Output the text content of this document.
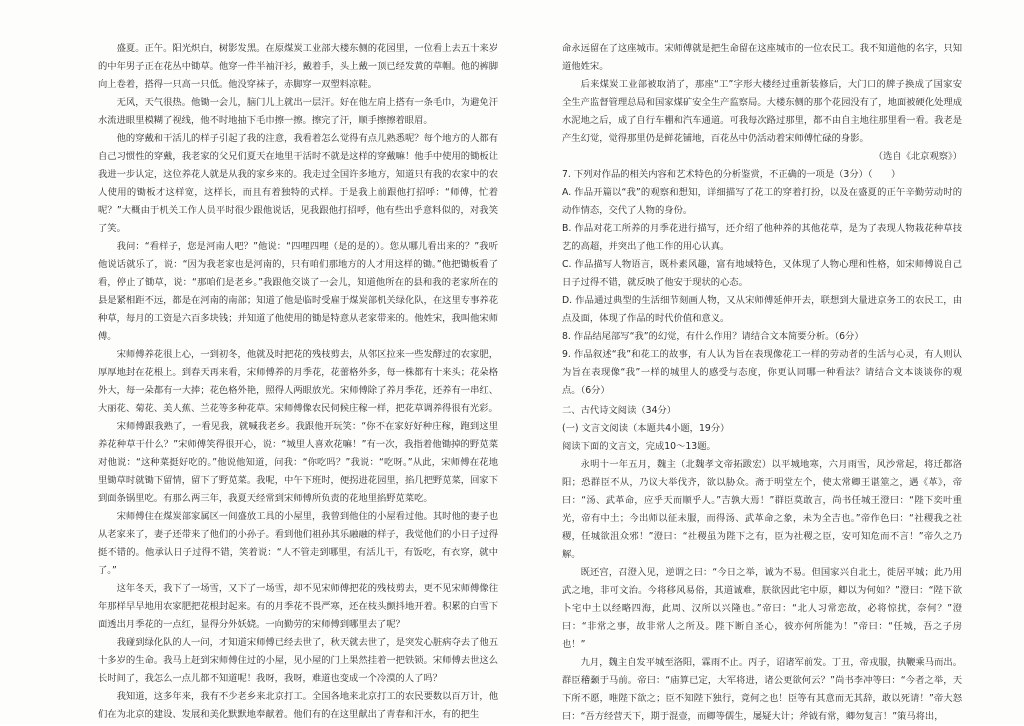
盛夏。正午。阳光炽白，树影发黑。在原煤炭工业部大楼东侧的花园里，一位看上去五十来岁的中年男子正在花丛中锄草。他穿一件半袖汗衫，戴着手，头上戴一顶已经发黄的草帽。他的裤脚向上卷着，搭得一只高一只低。他没穿袜子，赤脚穿一双塑料凉鞋。

无风，天气很热。他锄一会儿，脑门儿上就出一层汗。好在他左肩上搭有一条毛巾，为避免汗水流进眼里模糊了视线，他不时地抽下毛巾擦一擦。擦完了汗，顺手擦擦着眼眉。

他的穿戴和干活儿的样子引起了我的注意，我看着怎么觉得有点儿熟悉呢？每个地方的人都有自己习惯性的穿戴，我老家的父兄们夏天在地里干活时不就是这样的穿戴嘛！他手中使用的锄板让我进一步认定，这位养花人就是从我的家乡来的。我走过全国许多地方，知道只有我的农家中的农人使用的锄板才这样宽，这样长，而且有着独特的式样。于是我上前跟他打招呼：“师傅，忙着呢？”大概由于机关工作人员平时很少跟他说话，见我跟他打招呼，他有些出乎意料似的，对我笑了笑。

我问：“看样子，您是河南人吧？”他说：“四哩四哩（是的是的）。您从哪儿看出来的？”我听他说话就乐了，说：“因为我老家也是河南的，只有咱们那地方的人才用这样的锄。”他把锄板看了看，停止了锄草，说：“那咱们是老乡。”我跟他交谈了一会儿，知道他所在的县和我的老家所在的县是紧相距不远，都是在河南的南部；知道了他是临时受雇于煤炭部机关绿化队，在这里专事养花种草，每月的工资是六百多块钱；并知道了他使用的锄是特意从老家带来的。他姓宋，我叫他宋师傅。

宋师傅养花很上心，一到初冬，他就及时把花的残枝剪去，从邻区拉来一些发酵过的农家肥，厚厚地封在花根上。到春天再来看，宋师傅养的月季花，花蕾格外多，每一株都有十来头；花朵格外大，每一朵都有一大捧；花色格外艳，照得人两眼放光。宋师傅除了养月季花，还养有一串红、大丽花、菊花、美人蕉、兰花等多种花草。宋师傅像农民伺候庄稼一样，把花草调养得很有光彩。

宋师傅跟我熟了，一看见我，就喊我老乡。我跟他开玩笑：“你不在家好好种庄稼，跑到这里养花种草干什么？”宋师傅笑得很开心，说：“城里人喜欢花嘛！”有一次，我指着他锄掉的野苋菜对他说：“这种菜挺好吃的。”他说他知道，问我：“你吃吗？”我说：“吃呀。”从此，宋师傅在花地里锄草时就锄下留情，留下了野苋菜。我呢，中午下班时，便拐进花园里，掐几把野苋菜，回家下到面条锅里吃。有那么两三年，我夏天经常到宋师傅所负责的花地里掐野苋菜吃。

宋师傅住在煤炭部家属区一间盛放工具的小屋里，我曾到他住的小屋看过他。其时他的妻子也从老家来了，妻子还带来了他们的小孙子。看到他们祖孙其乐融融的样子，我觉他们的小日子过得挺不错的。他承认日子过得不错，笑着说：“人不管走到哪里，有活儿干，有饭吃，有衣穿，就中了。”

这年冬天，我下了一场雪，又下了一场雪，却不见宋师傅把花的残枝剪去，更不见宋师傅像往年那样早早地用农家肥把花根封起来。有的月季花不畏严寒，还在枝头颤抖地开着。积累的白雪下面透出月季花的一点红，显得分外妖娆。一向勤劳的宋师傅到哪里去了呢？

我碰到绿化队的人一问，才知道宋师傅已经去世了，秋天就去世了，是突发心脏病夺去了他五十多岁的生命。我马上赶到宋师傅住过的小屋，见小屋的门上果然挂着一把铁锁。宋师傅去世这么长时间了，我怎么一点儿都不知道呢！我呀，我呀，难道也变成一个冷漠的人了吗？

我知道，这多年来，我有不少老乡来北京打工。全国各地来北京打工的农民要数以百万计，他们在为北京的建设、发展和美化默默地奉献着。他们有的在这里献出了青春和汗水，有的把生

命永远留在了这座城市。宋师傅就是把生命留在这座城市的一位农民工。我不知道他的名字，只知道他姓宋。

后来煤炭工业部被取消了，那座“工”字形大楼经过重新装修后，大门口的牌子换成了国家安全生产监督管理总局和国家煤矿安全生产监察局。大楼东侧的那个花园没有了，地面被硬化处理成水泥地之后，成了自行车棚和汽车通道。可我每次路过那里，都不由自主地往那里看一看。我老是产生幻觉，觉得那里仍是鲜花铺地，百花丛中仍活动着宋师傅忙碌的身影。

（选自《北京观察》）

7. 下列对作品的相关内容和艺术特色的分析鉴赏，不正确的一项是（3分）（　　）

A. 作品开篇以“我”的观察和想知，详细描写了花工的穿着打扮，以及在盛夏的正午辛勤劳动时的动作情态，交代了人物的身份。

B. 作品对花工所养的月季花进行描写，还介绍了他种养的其他花草，是为了表现人物栽花种草技艺的高超，并突出了他工作的用心认真。

C. 作品描写人物语言，既朴素风趣，富有地域特色，又体现了人物心理和性格，如宋师傅说自己日子过得不错，就反映了他安于现状的心态。

D. 作品通过典型的生活细节刻画人物，又从宋师傅延伸开去，联想到大量进京务工的农民工，由点及面，体现了作品的时代价值和意义。

8. 作品结尾部写“我”的幻觉，有什么作用？请结合文本简要分析。（6分）

9. 作品叙述“我”和花工的故事，有人认为旨在表现像花工一样的劳动者的生活与心灵，有人则认为旨在表现像“我”一样的城里人的感受与态度，你更认同哪一种看法？请结合文本谈谈你的观点。（6分）

二、古代诗文阅读（34分）

(一) 文言文阅读（本题共4小题，19分）

阅读下面的文言文，完成10～13题。

永明十一年五月，魏主（北魏孝文帝拓跋宏）以平城地寒，六月雨雪，风沙常起，将迁都洛阳；恐群臣不从，乃议大举伐齐，欲以胁众。斋于明堂左个，使太常卿王谌筮之，遇《革》，帝曰：“汤、武革命，应乎天而顺乎人。”吉孰大焉！”群臣莫敢言，尚书任城王澄曰：“陛下奕叶重光，帝有中土；今出师以征未服，而得汤、武革命之象，未为全吉也。”帝作色曰：“社稷我之社稷，任城欲沮众邪！”澄曰：“社稷虽为陛下之有，臣为社稷之臣，安可知危而不言！”帝久之乃解。

既还宫，召澄入见，逆谓之曰：“今日之举，诚为不易。但国家兴自北土，徙居平城；此乃用武之地，非可文治。今将移风易俗，其道诚难，朕欲因此宅中原，卿以为何如？”澄曰：“陛下欲卜宅中土以经略四海，此周、汉所以兴隆也。”帝曰：“北人习常恋故，必将惊扰，奈何？”澄曰：“非常之事，故非常人之所及。陛下断自圣心，彼亦何所能为！”帝曰：“任城，吾之子房也！”

九月，魏主自发平城至洛阳，霖雨不止。丙子，诏诸军前发。丁丑，帝戎服，执鞭乘马而出。群臣稽颡于马前。帝曰：“庙算已定，大军将进，诸公更欲何云？”尚书李冲等曰：“今者之举，天下所不愿，唯陛下欲之；臣不知陛下独行，竟何之也！臣等有其意而无其辞，敢以死请！”帝大怒曰：“吾方经营天下，期于混壹，而卿等儒生，屡疑大计；斧钺有常，卿勿复言！”策马将出，
